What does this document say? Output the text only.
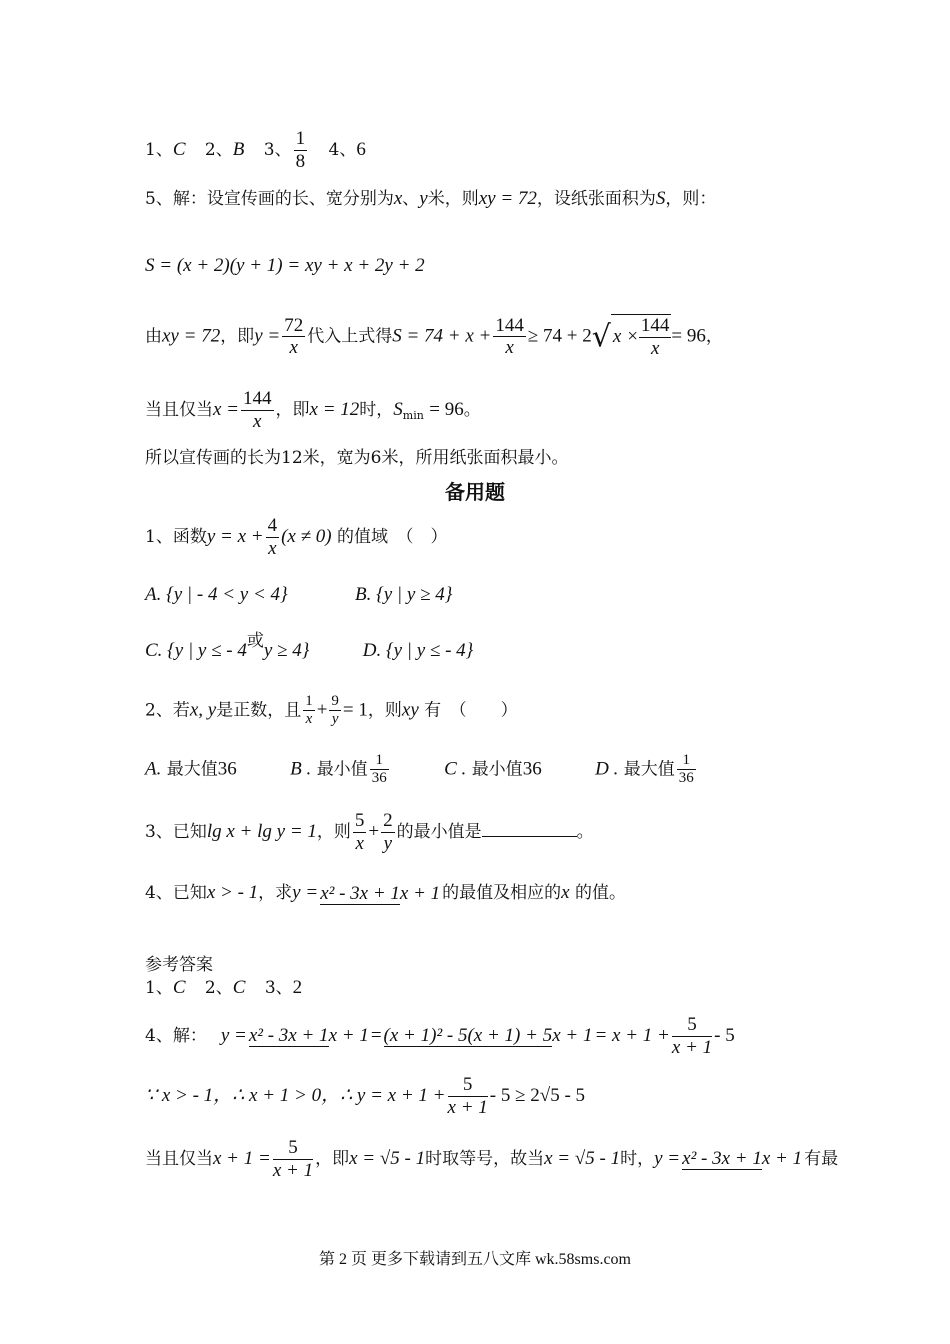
1、C 2、B 3、 $\frac{1}{8} 4$、6
5、解：设宣传画的长、宽分别为x、y米，则xy = 72，设纸张面积为S，则：
S = (x + 2)(y + 1) = xy + x + 2y + 2
由xy = 72，即$y = \frac{72}{x}$ 代入上式得$S = 74 + x + \frac{144}{x} \ge 74 + 2√$ $x \times \frac{144}{x}= 96$，
当且仅当$x = \frac{144}{x}$ ，即x = 12时，$S_{min} = 96$。
所以宣传画的长为12米，宽为6米，所用纸张面积最小。
备用题
1、函数$y = x + \frac{4}{x} (x \ne 0)$ 的值域　（　）
A. {y | - 4 < y < 4}	B. {y | y ≥ 4}
C. {y | y ≤ - 4或y ≥ 4}	D. {y | y ≤ - 4}
2、若x, y是正数，且 $\frac{1}{x} + \frac{9}{y} = 1$，则xy 有　（　　）
A. 最大值36	B . 最小值 $\frac{1}{36}$	C . 最小值36	D . 最大值 $\frac{1}{36}$
3、已知lg x + lg y = 1，则 $\frac{5}{x} + \frac{2}{y}$ 的最小值是	。
4、已知x > - 1，求y = x² - 3x + 1x + 1 的最值及相应的x 的值。
参考答案
1、C 2、C 3、2
4、解： $y = x^2 - 3x + 1x + 1 = (x + 1)^2 - 5(x + 1) + 5x + 1 = x + 1 + \frac{5}{x + 1} - 5$
∵ x > - 1，∴ x + 1 > 0，∴ $y = x + 1 + \frac{5}{x + 1} - 5 \ge 2√5 - 5$
当且仅当$x + 1 = \frac{5}{x + 1}$ ，即x = √5 - 1时取等号，故当x = √5 - 1时，y = x² - 3x + 1x + 1 有最
第 2 页 更多下载请到五八文库 wk.58sms.com
